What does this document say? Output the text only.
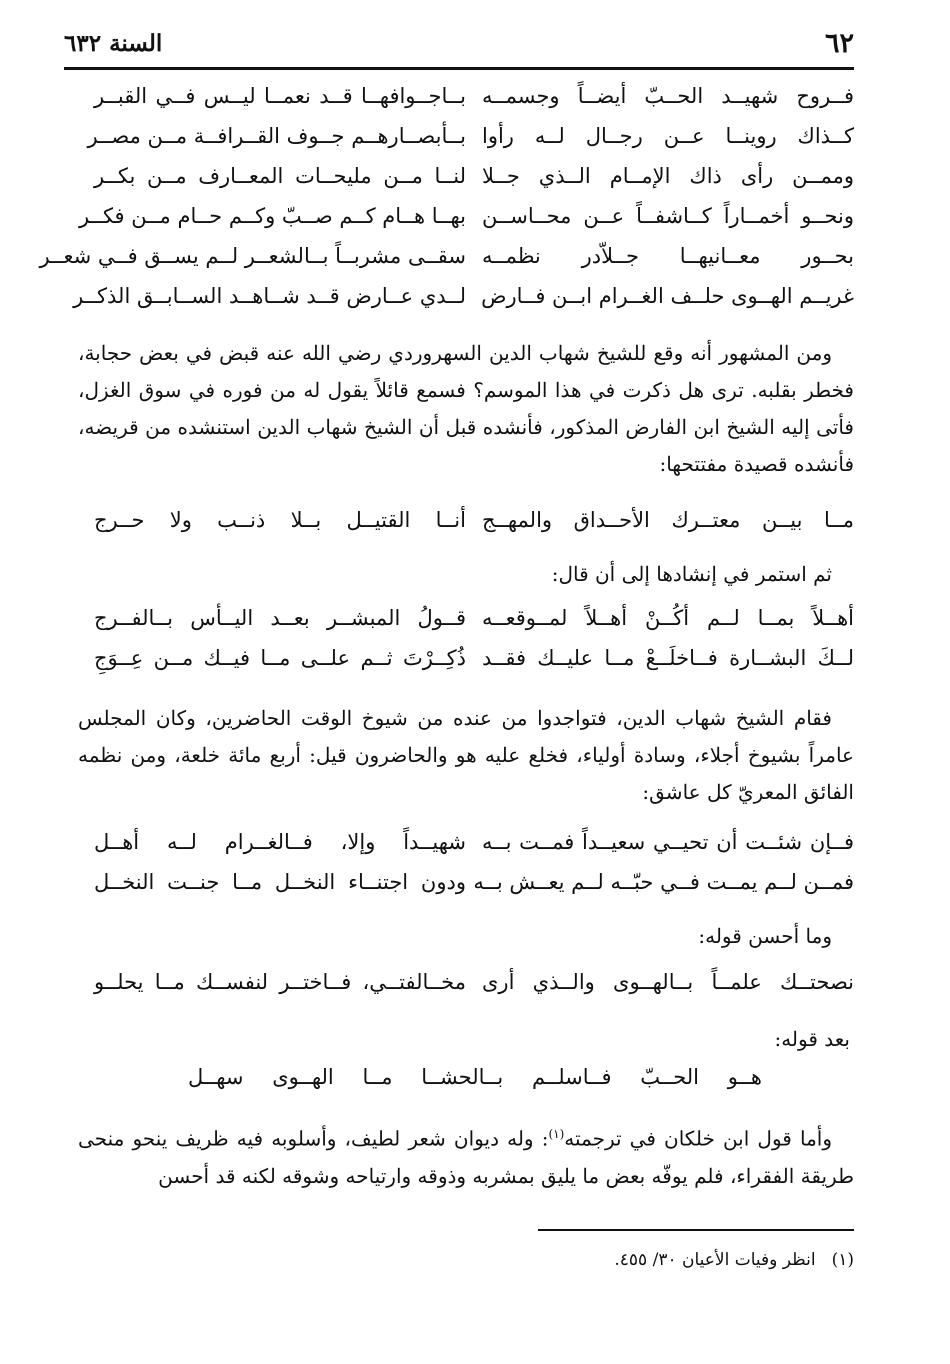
٦٢
السنة ٦٣٢
فــروح شهيــد الحــبّ أيضــاً وجسمــه
بــاجــوافهــا قــد نعمــا ليــس فــي القبــر
كــذاك روينــا عــن رجــال لــه رأوا
بــأبصــارهــم جــوف القــرافــة مــن مصــر
وممــن رأى ذاك الإمــام الــذي جــلا
لنــا مــن مليحــات المعــارف مــن بكــر
ونحــو أخمــاراً كــاشفــاً عــن محــاســن
بهــا هــام كــم صــبّ وكــم حــام مــن فكــر
بحــور معــانيهــا جــلاّدر نظمــه
سقــى مشربــاً بــالشعــر لــم يســق فــي شعــر
غريــم الهــوى حلــف الغــرام ابــن فــارض
لــدي عــارض قــد شــاهــد الســابــق الذكــر
ومن المشهور أنه وقع للشيخ شهاب الدين السهروردي رضي الله عنه قبض في بعض حجابة، فخطر بقلبه. ترى هل ذكرت في هذا الموسم؟ فسمع قائلاً يقول له من فوره في سوق الغزل، فأتى إليه الشيخ ابن الفارض المذكور، فأنشده قبل أن الشيخ شهاب الدين استنشده من قريضه، فأنشده قصيدة مفتتحها:
مــا بيــن معتــرك الأحــداق والمهــج
أنــا القتيــل بــلا ذنــب ولا حــرج
ثم استمر في إنشادها إلى أن قال:
أهــلاً بمــا لــم أكُــنْ أهــلاً لمــوقعــه
قــولُ المبشــر بعــد اليــأس بــالفــرج
لــكَ البشــارة فــاخلَــعْ مــا عليــك فقــد
ذُكِــرْتَ ثــم علــى مــا فيــك مــن عِــوَجِ
فقام الشيخ شهاب الدين، فتواجدوا من عنده من شيوخ الوقت الحاضرين، وكان المجلس عامراً بشيوخ أجلاء، وسادة أولياء، فخلع عليه هو والحاضرون قيل: أربع مائة خلعة، ومن نظمه الفائق المعريّ كل عاشق:
فــإن شئــت أن تحيــي سعيــداً فمــت بــه
شهيــداً وإلا، فــالغــرام لــه أهــل
فمــن لــم يمــت فــي حبّــه لــم يعــش بــه
ودون اجتنــاء النخــل مــا جنــت النخــل
وما أحسن قوله:
نصحتــك علمــاً بــالهــوى والــذي أرى
مخــالفتــي، فــاختــر لنفســك مــا يحلــو
بعد قوله:
هــو الحــبّ فــاسلــم بــالحشــا مــا الهــوى سهــل
وأما قول ابن خلكان في ترجمته$^{(١)}$: وله ديوان شعر لطيف، وأسلوبه فيه ظريف ينحو منحى طريقة الفقراء، فلم يوفّه بعض ما يليق بمشربه وذوقه وارتياحه وشوقه لكنه قد أحسن
(١)انظر وفيات الأعيان ٣٠/ ٤٥٥.
